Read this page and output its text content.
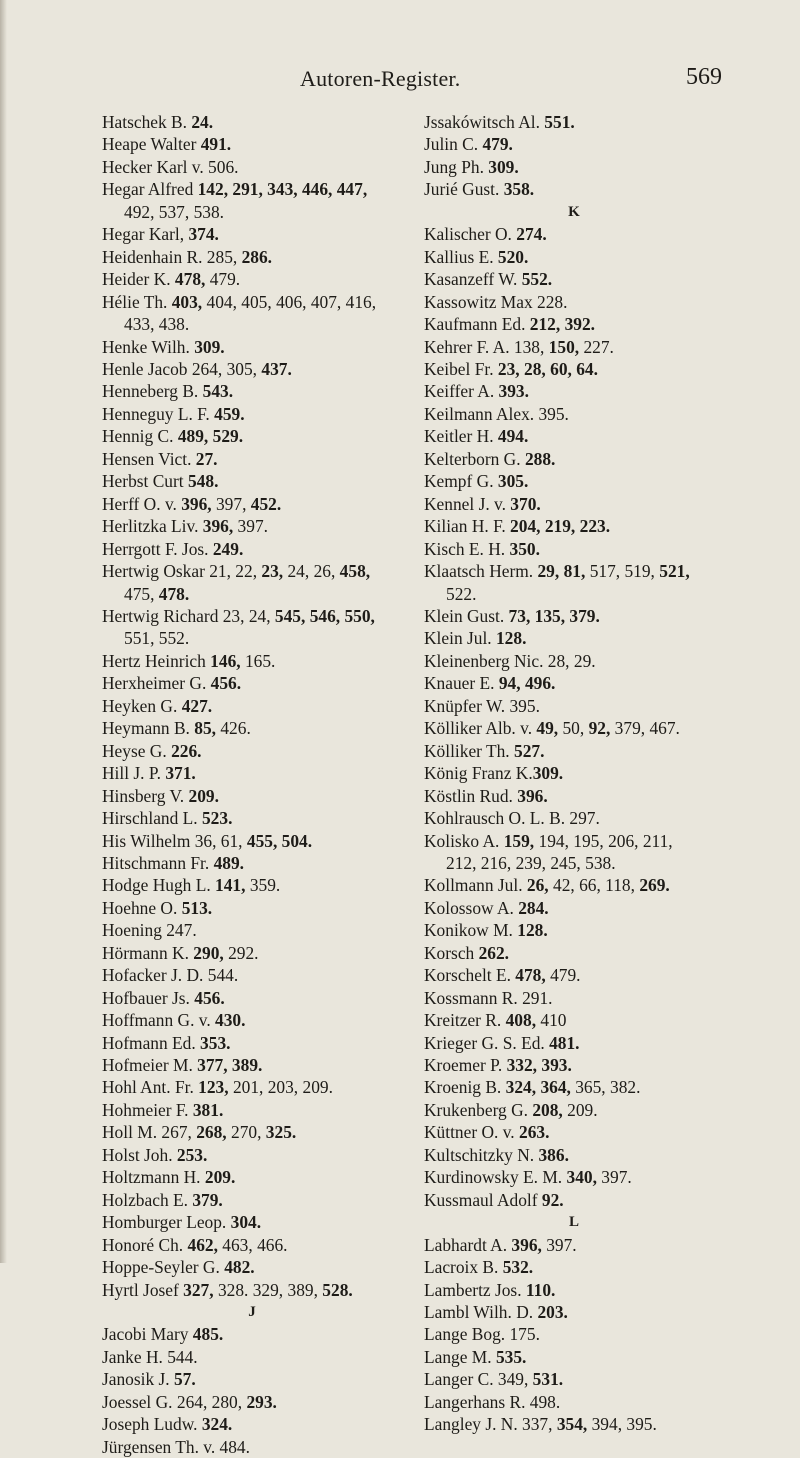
Autoren-Register.	569
Hatschek B. 24.
Heape Walter 491.
Hecker Karl v. 506.
Hegar Alfred 142, 291, 343, 446, 447,
492, 537, 538.
Hegar Karl, 374.
Heidenhain R. 285, 286.
Heider K. 478, 479.
Hélie Th. 403, 404, 405, 406, 407, 416,
433, 438.
Henke Wilh. 309.
Henle Jacob 264, 305, 437.
Henneberg B. 543.
Henneguy L. F. 459.
Hennig C. 489, 529.
Hensen Vict. 27.
Herbst Curt 548.
Herff O. v. 396, 397, 452.
Herlitzka Liv. 396, 397.
Herrgott F. Jos. 249.
Hertwig Oskar 21, 22, 23, 24, 26, 458,
475, 478.
Hertwig Richard 23, 24, 545, 546, 550,
551, 552.
Hertz Heinrich 146, 165.
Herxheimer G. 456.
Heyken G. 427.
Heymann B. 85, 426.
Heyse G. 226.
Hill J. P. 371.
Hinsberg V. 209.
Hirschland L. 523.
His Wilhelm 36, 61, 455, 504.
Hitschmann Fr. 489.
Hodge Hugh L. 141, 359.
Hoehne O. 513.
Hoening 247.
Hörmann K. 290, 292.
Hofacker J. D. 544.
Hofbauer Js. 456.
Hoffmann G. v. 430.
Hofmann Ed. 353.
Hofmeier M. 377, 389.
Hohl Ant. Fr. 123, 201, 203, 209.
Hohmeier F. 381.
Holl M. 267, 268, 270, 325.
Holst Joh. 253.
Holtzmann H. 209.
Holzbach E. 379.
Homburger Leop. 304.
Honoré Ch. 462, 463, 466.
Hoppe-Seyler G. 482.
Hyrtl Josef 327, 328. 329, 389, 528.
J
Jacobi Mary 485.
Janke H. 544.
Janosik J. 57.
Joessel G. 264, 280, 293.
Joseph Ludw. 324.
Jürgensen Th. v. 484.
Jssakówitsch Al. 551.
Julin C. 479.
Jung Ph. 309.
Jurié Gust. 358.
K
Kalischer O. 274.
Kallius E. 520.
Kasanzeff W. 552.
Kassowitz Max 228.
Kaufmann Ed. 212, 392.
Kehrer F. A. 138, 150, 227.
Keibel Fr. 23, 28, 60, 64.
Keiffer A. 393.
Keilmann Alex. 395.
Keitler H. 494.
Kelterborn G. 288.
Kempf G. 305.
Kennel J. v. 370.
Kilian H. F. 204, 219, 223.
Kisch E. H. 350.
Klaatsch Herm. 29, 81, 517, 519, 521,
522.
Klein Gust. 73, 135, 379.
Klein Jul. 128.
Kleinenberg Nic. 28, 29.
Knauer E. 94, 496.
Knüpfer W. 395.
Kölliker Alb. v. 49, 50, 92, 379, 467.
Kölliker Th. 527.
König Franz K.309.
Köstlin Rud. 396.
Kohlrausch O. L. B. 297.
Kolisko A. 159, 194, 195, 206, 211,
212, 216, 239, 245, 538.
Kollmann Jul. 26, 42, 66, 118, 269.
Kolossow A. 284.
Konikow M. 128.
Korsch 262.
Korschelt E. 478, 479.
Kossmann R. 291.
Kreitzer R. 408, 410
Krieger G. S. Ed. 481.
Kroemer P. 332, 393.
Kroenig B. 324, 364, 365, 382.
Krukenberg G. 208, 209.
Küttner O. v. 263.
Kultschitzky N. 386.
Kurdinowsky E. M. 340, 397.
Kussmaul Adolf 92.
L
Labhardt A. 396, 397.
Lacroix B. 532.
Lambertz Jos. 110.
Lambl Wilh. D. 203.
Lange Bog. 175.
Lange M. 535.
Langer C. 349, 531.
Langerhans R. 498.
Langley J. N. 337, 354, 394, 395.
